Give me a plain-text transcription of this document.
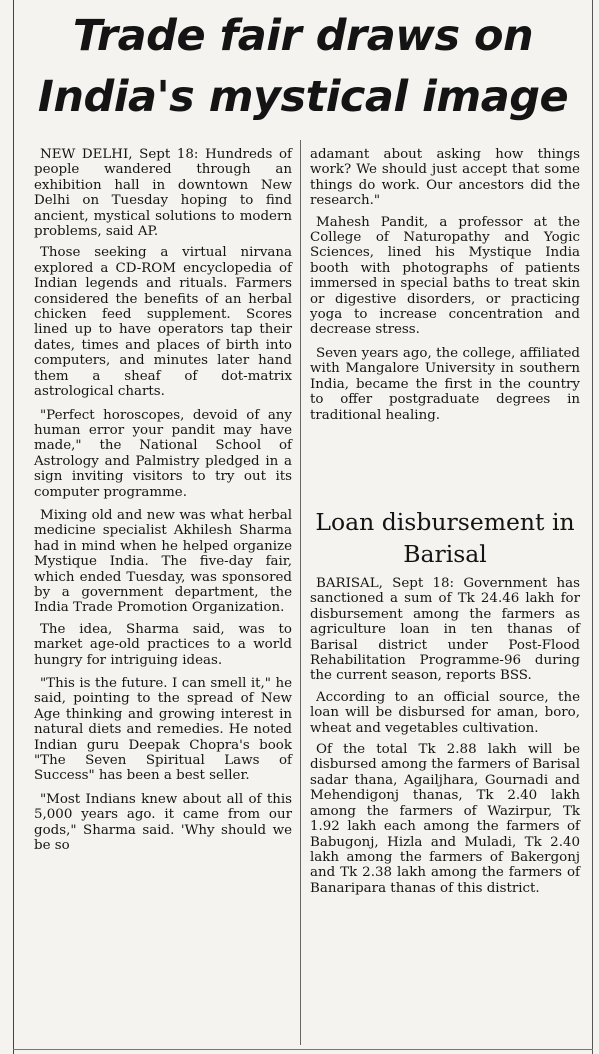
Trade fair draws on India's mystical image

NEW DELHI, Sept 18: Hundreds of people wandered through an exhibition hall in downtown New Delhi on Tuesday hoping to find ancient, mystical solutions to modern problems, said AP.

Those seeking a virtual nirvana explored a CD-ROM encyclopedia of Indian legends and rituals. Farmers considered the benefits of an herbal chicken feed supplement. Scores lined up to have operators tap their dates, times and places of birth into computers, and minutes later hand them a sheaf of dot-matrix astrological charts.

"Perfect horoscopes, devoid of any human error your pandit may have made," the National School of Astrology and Palmistry pledged in a sign inviting visitors to try out its computer programme.

Mixing old and new was what herbal medicine specialist Akhilesh Sharma had in mind when he helped organize Mystique India. The five-day fair, which ended Tuesday, was sponsored by a government department, the India Trade Promotion Organization.

The idea, Sharma said, was to market age-old practices to a world hungry for intriguing ideas.

"This is the future. I can smell it," he said, pointing to the spread of New Age thinking and growing interest in natural diets and remedies. He noted Indian guru Deepak Chopra's book "The Seven Spiritual Laws of Success" has been a best seller.

"Most Indians knew about all of this 5,000 years ago. it came from our gods," Sharma said. 'Why should we be so

adamant about asking how things work? We should just accept that some things do work. Our ancestors did the research."

Mahesh Pandit, a professor at the College of Naturopathy and Yogic Sciences, lined his Mystique India booth with photographs of patients immersed in special baths to treat skin or digestive disorders, or practicing yoga to increase concentration and decrease stress.

Seven years ago, the college, affiliated with Mangalore University in southern India, became the first in the country to offer postgraduate degrees in traditional healing.

Loan disbursement in Barisal

BARISAL, Sept 18: Government has sanctioned a sum of Tk 24.46 lakh for disbursement among the farmers as agriculture loan in ten thanas of Barisal district under Post-Flood Rehabilitation Programme-96 during the current season, reports BSS.

According to an official source, the loan will be disbursed for aman, boro, wheat and vegetables cultivation.

Of the total Tk 2.88 lakh will be disbursed among the farmers of Barisal sadar thana, Agailjhara, Gournadi and Mehendigonj thanas, Tk 2.40 lakh among the farmers of Wazirpur, Tk 1.92 lakh each among the farmers of Babugonj, Hizla and Muladi, Tk 2.40 lakh among the farmers of Bakergonj and Tk 2.38 lakh among the farmers of Banaripara thanas of this district.
